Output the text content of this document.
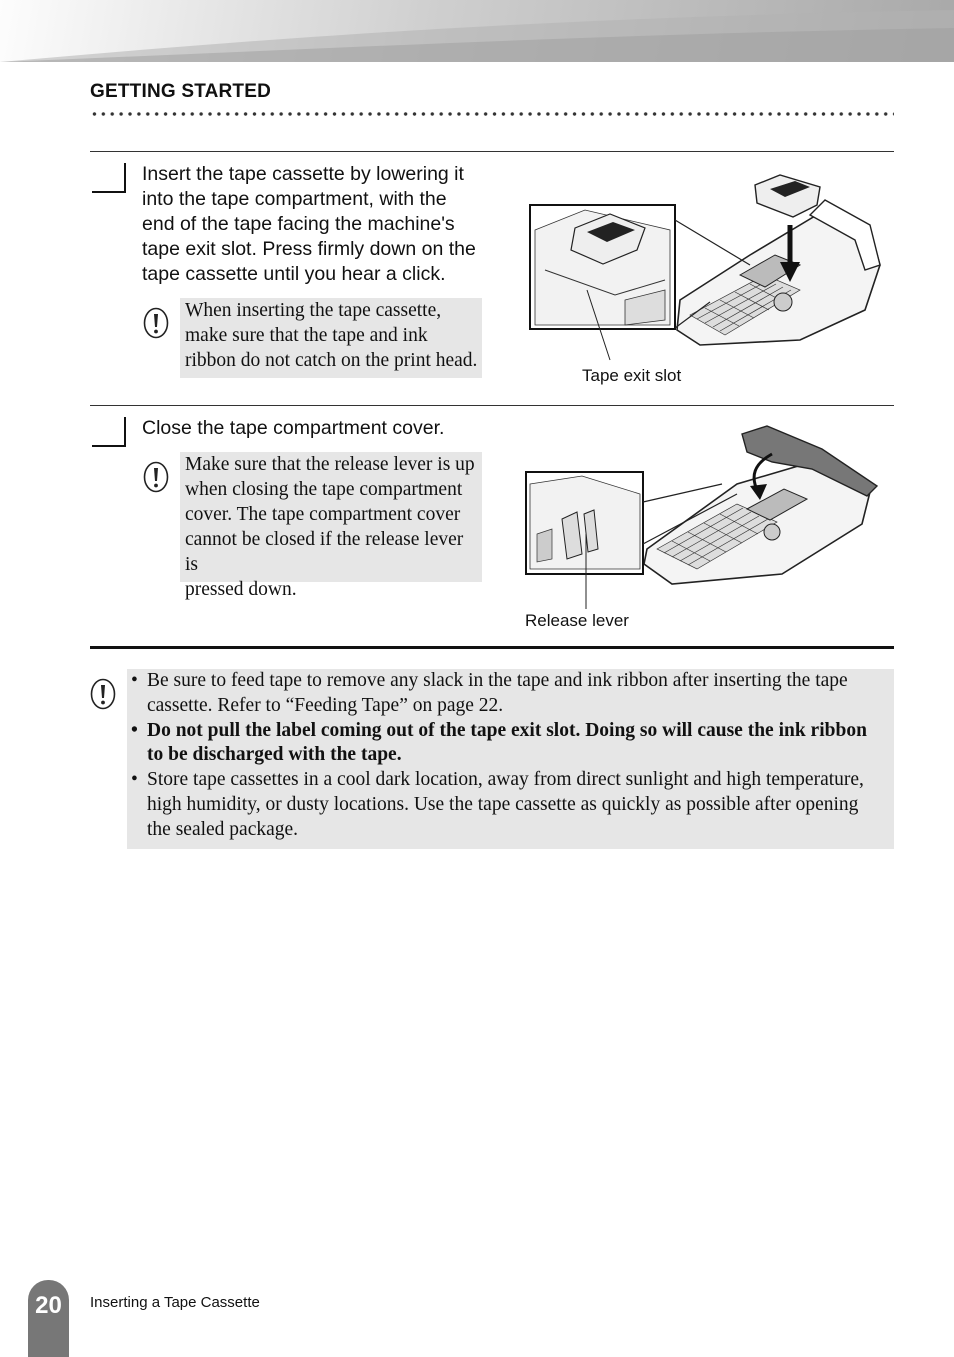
GETTING STARTED
Insert the tape cassette by lowering it
into the tape compartment, with the
end of the tape facing the machine's
tape exit slot. Press firmly down on the
tape cassette until you hear a click.
When inserting the tape cassette,
make sure that the tape and ink
ribbon do not catch on the print head.
Tape exit slot
Close the tape compartment cover.
Make sure that the release lever is up
when closing the tape compartment
cover. The tape compartment cover
cannot be closed if the release lever is
pressed down.
Release lever
• Be sure to feed tape to remove any slack in the tape and ink ribbon after inserting the tape
cassette. Refer to “Feeding Tape” on page 22.
• Do not pull the label coming out of the tape exit slot. Doing so will cause the ink ribbon
to be discharged with the tape.
• Store tape cassettes in a cool dark location, away from direct sunlight and high temperature,
high humidity, or dusty locations. Use the tape cassette as quickly as possible after opening
the sealed package.
20	Inserting a Tape Cassette
